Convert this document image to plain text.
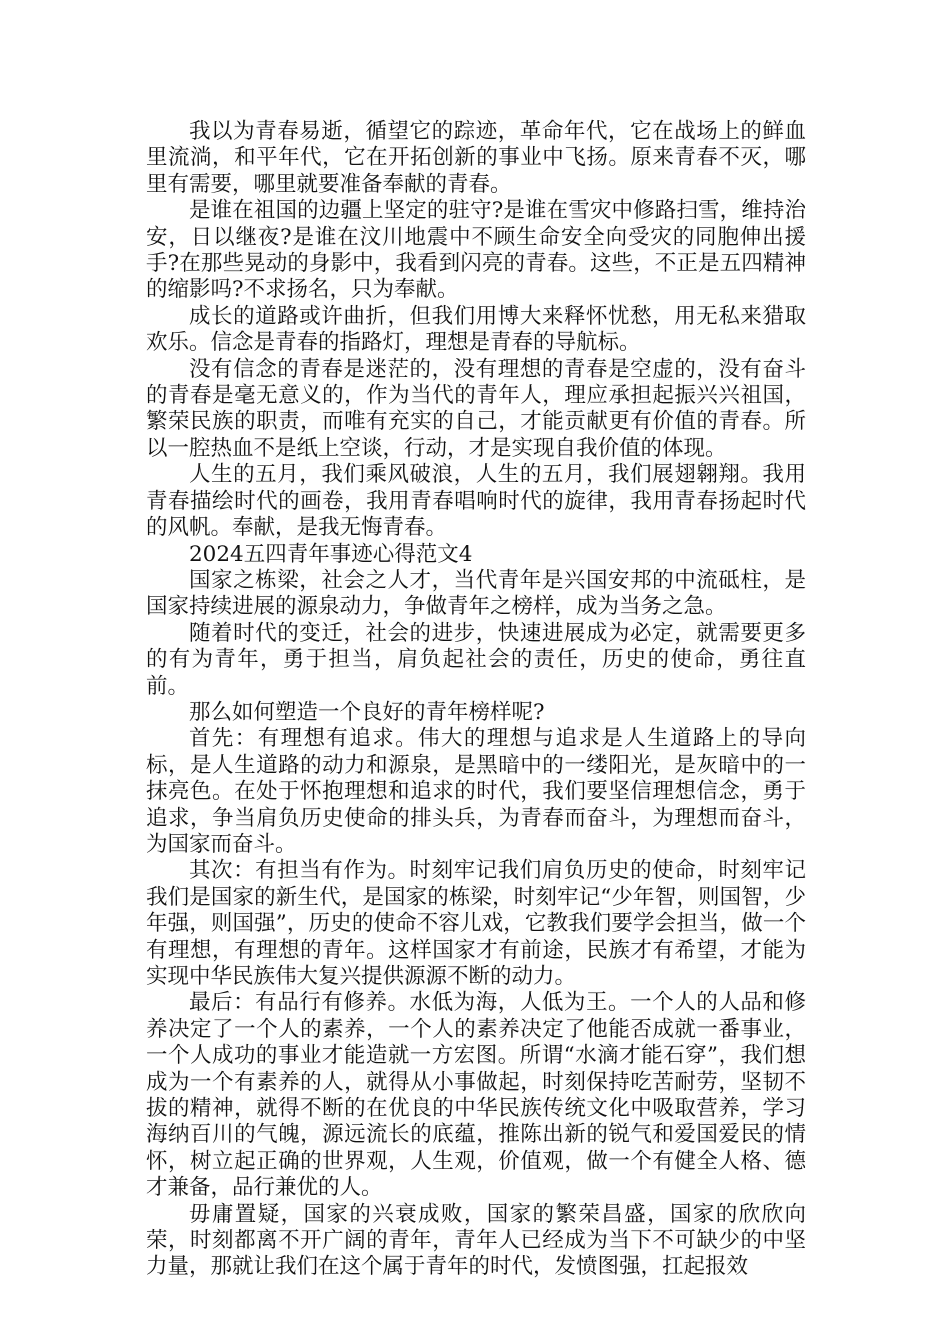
我以为青春易逝，循望它的踪迹，革命年代，它在战场上的鲜血里流淌，和平年代，它在开拓创新的事业中飞扬。原来青春不灭，哪里有需要，哪里就要准备奉献的青春。

是谁在祖国的边疆上坚定的驻守?是谁在雪灾中修路扫雪，维持治安，日以继夜?是谁在汶川地震中不顾生命安全向受灾的同胞伸出援手?在那些晃动的身影中，我看到闪亮的青春。这些，不正是五四精神的缩影吗?不求扬名，只为奉献。

成长的道路或许曲折，但我们用博大来释怀忧愁，用无私来猎取欢乐。信念是青春的指路灯，理想是青春的导航标。

没有信念的青春是迷茫的，没有理想的青春是空虚的，没有奋斗的青春是毫无意义的，作为当代的青年人，理应承担起振兴兴祖国，繁荣民族的职责，而唯有充实的自己，才能贡献更有价值的青春。所以一腔热血不是纸上空谈，行动，才是实现自我价值的体现。

人生的五月，我们乘风破浪，人生的五月，我们展翅翱翔。我用青春描绘时代的画卷，我用青春唱响时代的旋律，我用青春扬起时代的风帆。奉献，是我无悔青春。

2024五四青年事迹心得范文4

国家之栋梁，社会之人才，当代青年是兴国安邦的中流砥柱，是国家持续进展的源泉动力，争做青年之榜样，成为当务之急。

随着时代的变迁，社会的进步，快速进展成为必定，就需要更多的有为青年，勇于担当，肩负起社会的责任，历史的使命，勇往直前。

那么如何塑造一个良好的青年榜样呢?

首先：有理想有追求。伟大的理想与追求是人生道路上的导向标，是人生道路的动力和源泉，是黑暗中的一缕阳光，是灰暗中的一抹亮色。在处于怀抱理想和追求的时代，我们要坚信理想信念，勇于追求，争当肩负历史使命的排头兵，为青春而奋斗，为理想而奋斗，为国家而奋斗。

其次：有担当有作为。时刻牢记我们肩负历史的使命，时刻牢记我们是国家的新生代，是国家的栋梁，时刻牢记“少年智，则国智，少年强，则国强”，历史的使命不容儿戏，它教我们要学会担当，做一个有理想，有理想的青年。这样国家才有前途，民族才有希望，才能为实现中华民族伟大复兴提供源源不断的动力。

最后：有品行有修养。水低为海，人低为王。一个人的人品和修养决定了一个人的素养，一个人的素养决定了他能否成就一番事业，一个人成功的事业才能造就一方宏图。所谓“水滴才能石穿”，我们想成为一个有素养的人，就得从小事做起，时刻保持吃苦耐劳，坚韧不拔的精神，就得不断的在优良的中华民族传统文化中吸取营养，学习海纳百川的气魄，源远流长的底蕴，推陈出新的锐气和爱国爱民的情怀，树立起正确的世界观，人生观，价值观，做一个有健全人格、德才兼备，品行兼优的人。

毋庸置疑，国家的兴衰成败，国家的繁荣昌盛，国家的欣欣向荣，时刻都离不开广阔的青年，青年人已经成为当下不可缺少的中坚力量，那就让我们在这个属于青年的时代，发愤图强，扛起报效
